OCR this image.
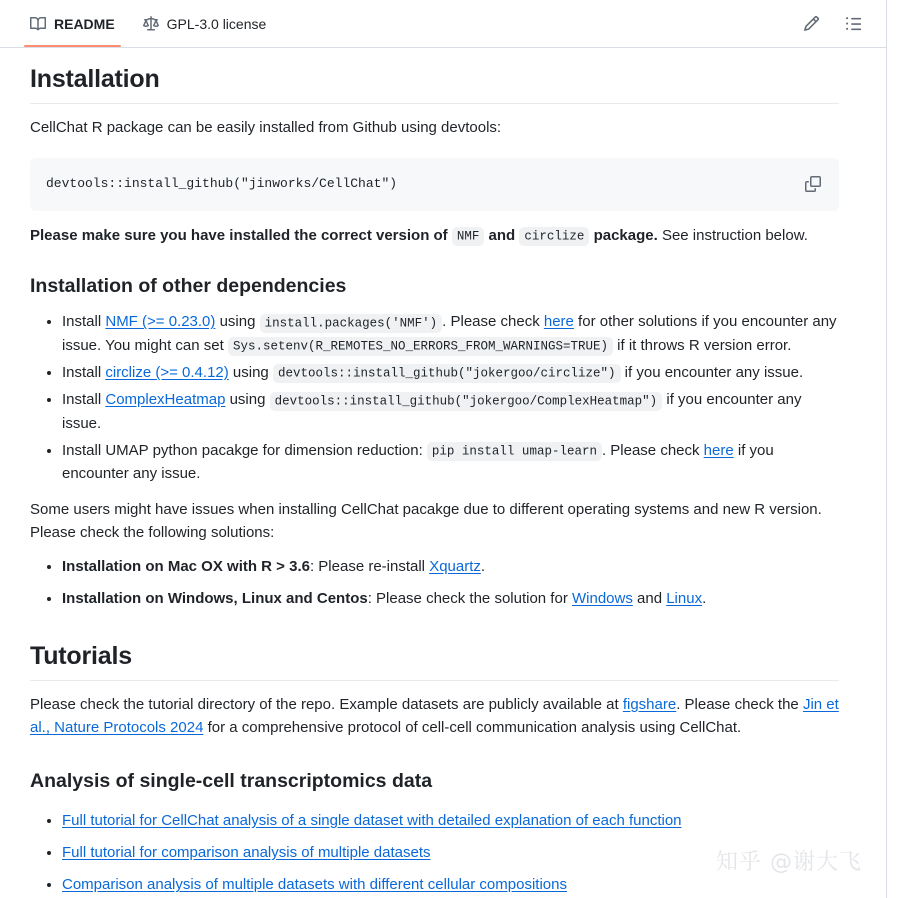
README	GPL-3.0 license
Installation

CellChat R package can be easily installed from Github using devtools:

devtools::install_github("jinworks/CellChat")

Please make sure you have installed the correct version of NMF and circlize package. See instruction below.

Installation of other dependencies
• Install NMF (>= 0.23.0) using install.packages('NMF') . Please check here for other solutions if you encounter any issue. You might can set Sys.setenv(R_REMOTES_NO_ERRORS_FROM_WARNINGS=TRUE) if it throws R version error.
• Install circlize (>= 0.4.12) using devtools::install_github("jokergoo/circlize") if you encounter any issue.
• Install ComplexHeatmap using devtools::install_github("jokergoo/ComplexHeatmap") if you encounter any issue.
• Install UMAP python pacakge for dimension reduction: pip install umap-learn . Please check here if you encounter any issue.

Some users might have issues when installing CellChat pacakge due to different operating systems and new R version. Please check the following solutions:

• Installation on Mac OX with R > 3.6: Please re-install Xquartz.
• Installation on Windows, Linux and Centos: Please check the solution for Windows and Linux.
Tutorials

Please check the tutorial directory of the repo. Example datasets are publicly available at figshare. Please check the Jin et al., Nature Protocols 2024 for a comprehensive protocol of cell-cell communication analysis using CellChat.

Analysis of single-cell transcriptomics data
• Full tutorial for CellChat analysis of a single dataset with detailed explanation of each function
• Full tutorial for comparison analysis of multiple datasets
• Comparison analysis of multiple datasets with different cellular compositions
知乎 @谢大飞
